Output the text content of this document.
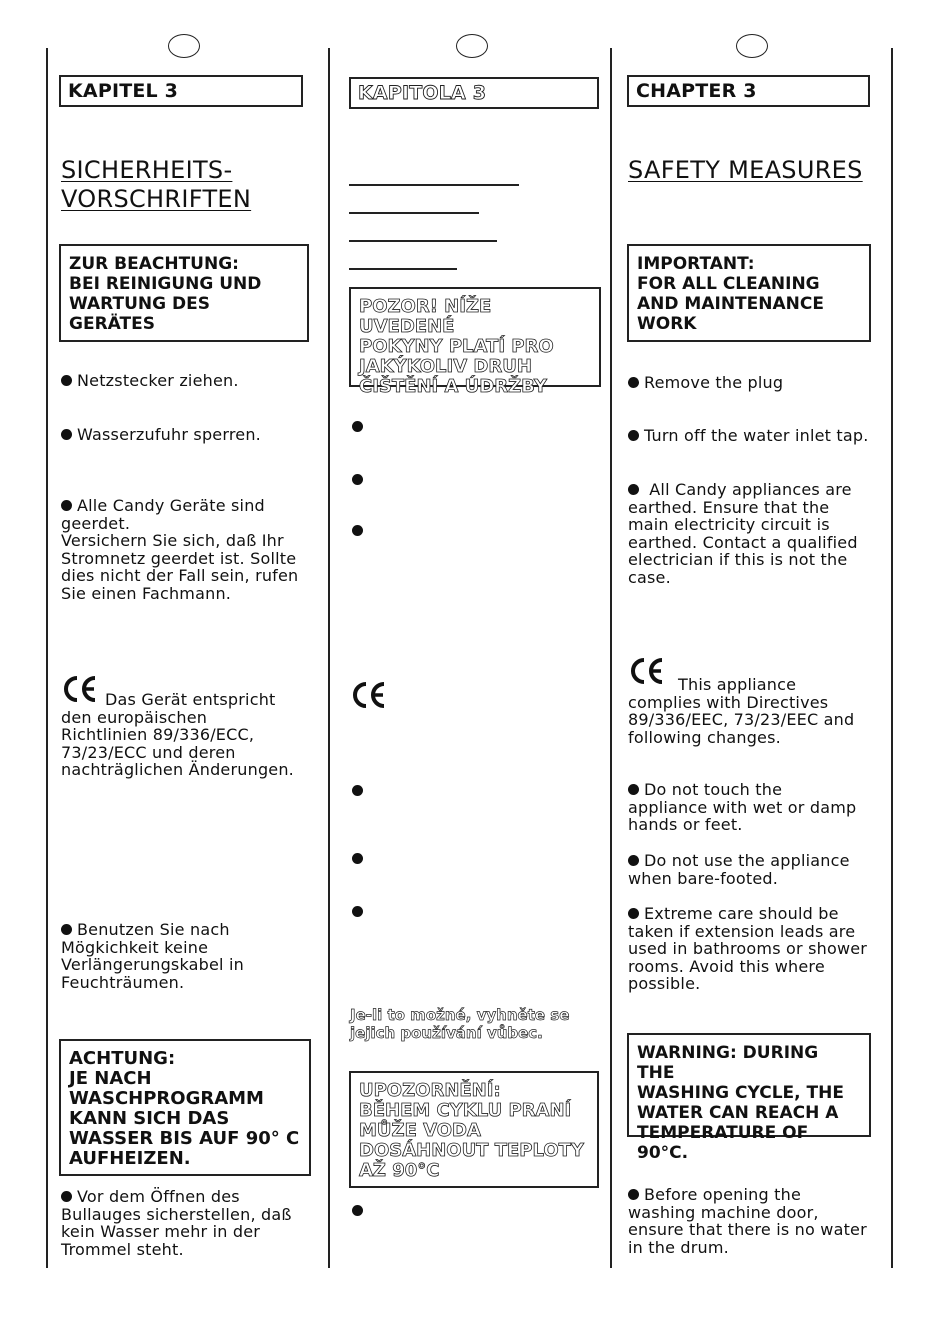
KAPITEL 3
SICHERHEITS-
VORSCHRIFTEN
ZUR BEACHTUNG:
BEI REINIGUNG UND
WARTUNG DES
GERÄTES
Netzstecker ziehen.
Wasserzufuhr sperren.
Alle Candy Geräte sind
geerdet.
Versichern Sie sich, daß Ihr
Stromnetz geerdet ist. Sollte
dies nicht der Fall sein, rufen
Sie einen Fachmann.
Das Gerät entspricht
den europäischen
Richtlinien 89/336/ECC,
73/23/ECC und deren
nachträglichen Änderungen.
Benutzen Sie nach
Mögkichkeit keine
Verlängerungskabel in
Feuchträumen.
ACHTUNG:
JE NACH
WASCHPROGRAMM
KANN SICH DAS
WASSER BIS AUF 90° C
AUFHEIZEN.
Vor dem Öffnen des
Bullauges sicherstellen, daß
kein Wasser mehr in der
Trommel steht.
KAPITOLA 3
POZOR! NÍŽE UVEDENÉ
POKYNY PLATÍ PRO
JAKÝKOLIV DRUH
ČIŠTĚNÍ A ÚDRŽBY
Je-li to možné, vyhněte se
jejich používání vůbec.
UPOZORNĚNÍ:
BĚHEM CYKLU PRANÍ
MŮŽE VODA
DOSÁHNOUT TEPLOTY
AŽ 90°C
CHAPTER 3
SAFETY MEASURES
IMPORTANT:
FOR ALL CLEANING
AND MAINTENANCE
WORK
Remove the plug
Turn off the water inlet tap.
All Candy appliances are
earthed. Ensure that the
main electricity circuit is
earthed. Contact a qualified
electrician if this is not the
case.
This appliance
complies with Directives
89/336/EEC, 73/23/EEC and
following changes.
Do not touch the
appliance with wet or damp
hands or feet.
Do not use the appliance
when bare-footed.
Extreme care should be
taken if extension leads are
used in bathrooms or shower
rooms. Avoid this where
possible.
WARNING: DURING THE
WASHING CYCLE, THE
WATER CAN REACH A
TEMPERATURE OF 90°C.
Before opening the
washing machine door,
ensure that there is no water
in the drum.
